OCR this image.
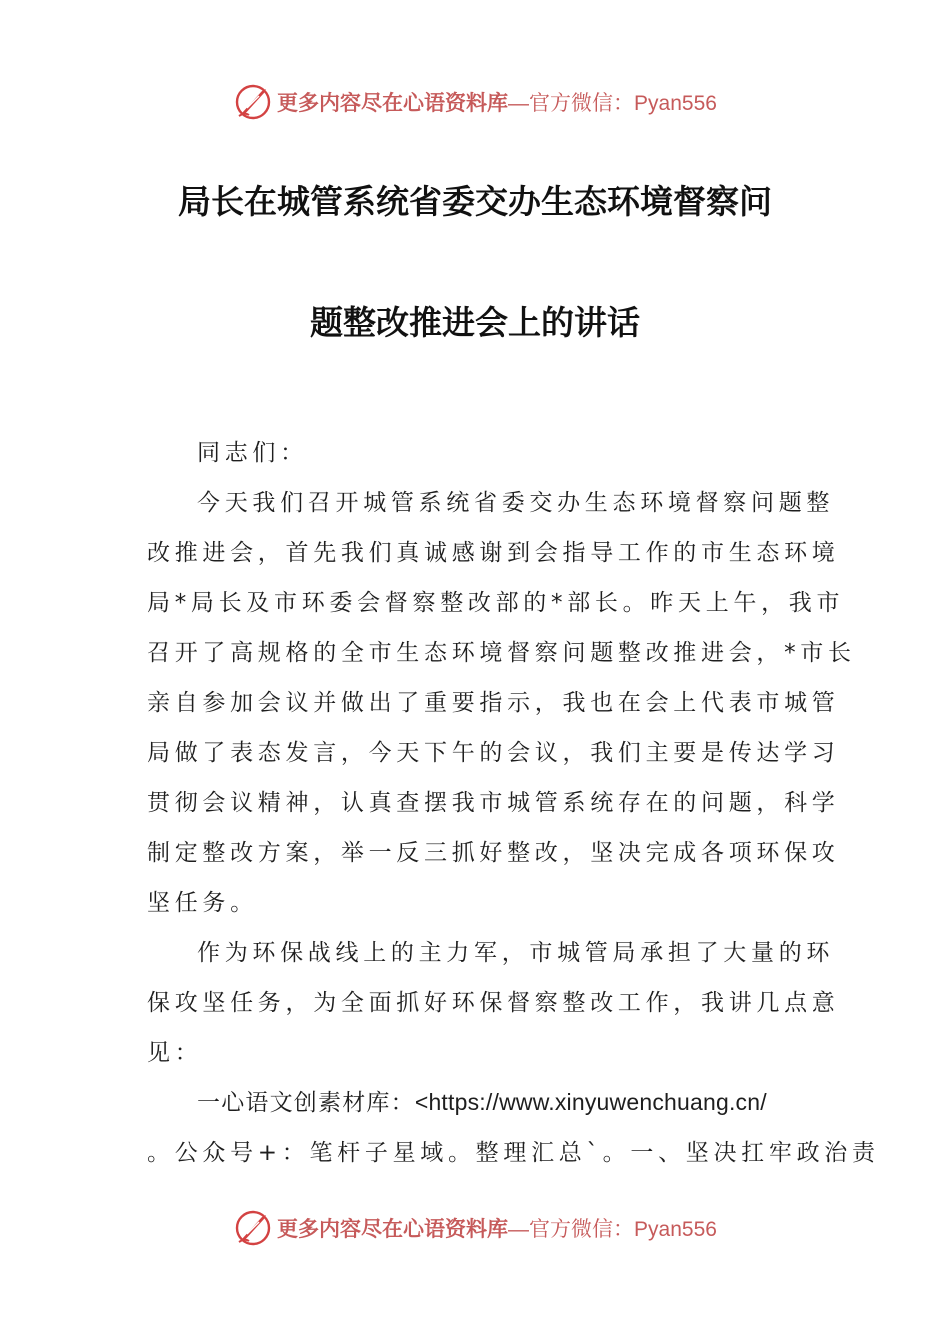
更多内容尽在心语资料库—官方微信：Pyan556
局长在城管系统省委交办生态环境督察问
题整改推进会上的讲话
同志们：
今天我们召开城管系统省委交办生态环境督察问题整
改推进会，首先我们真诚感谢到会指导工作的市生态环境
局*局长及市环委会督察整改部的*部长。昨天上午，我市
召开了高规格的全市生态环境督察问题整改推进会，*市长
亲自参加会议并做出了重要指示，我也在会上代表市城管
局做了表态发言，今天下午的会议，我们主要是传达学习
贯彻会议精神，认真查摆我市城管系统存在的问题，科学
制定整改方案，举一反三抓好整改，坚决完成各项环保攻
坚任务。
作为环保战线上的主力军，市城管局承担了大量的环
保攻坚任务，为全面抓好环保督察整改工作，我讲几点意
见：
一心语文创素材库：<https://www.xinyuwenchuang.cn/
。公众号+：笔杆子星域。整理汇总`。一、坚决扛牢政治责
更多内容尽在心语资料库—官方微信：Pyan556
